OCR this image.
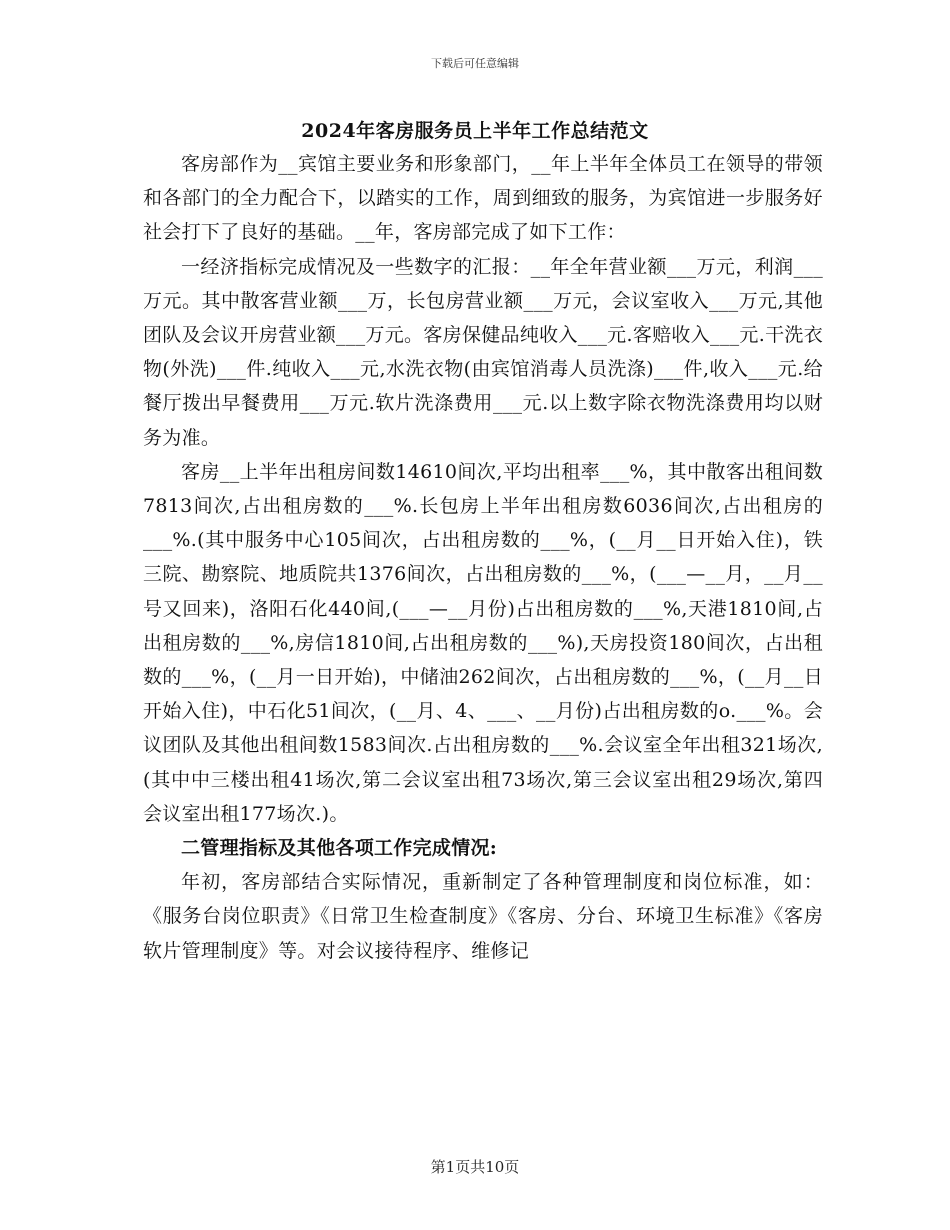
下载后可任意编辑
2024年客房服务员上半年工作总结范文

客房部作为__宾馆主要业务和形象部门，__年上半年全体员工在领导的带领和各部门的全力配合下，以踏实的工作，周到细致的服务，为宾馆进一步服务好社会打下了良好的基础。__年，客房部完成了如下工作：

一经济指标完成情况及一些数字的汇报：__年全年营业额___万元，利润___万元。其中散客营业额___万，长包房营业额___万元，会议室收入___万元,其他团队及会议开房营业额___万元。客房保健品纯收入___元.客赔收入___元.干洗衣物(外洗)___件.纯收入___元,水洗衣物(由宾馆消毒人员洗涤)___件,收入___元.给餐厅拨出早餐费用___万元.软片洗涤费用___元.以上数字除衣物洗涤费用均以财务为准。

客房__上半年出租房间数14610间次,平均出租率___%，其中散客出租间数7813间次,占出租房数的___%.长包房上半年出租房数6036间次,占出租房的___%.(其中服务中心105间次，占出租房数的___%，(__月__日开始入住)，铁三院、勘察院、地质院共1376间次，占出租房数的___%，(___—__月，__月__号又回来)，洛阳石化440间,(___—__月份)占出租房数的___%,天港1810间,占出租房数的___%,房信1810间,占出租房数的___%),天房投资180间次，占出租数的___%，(__月一日开始)，中储油262间次，占出租房数的___%，(__月__日开始入住)，中石化51间次，(__月、4、___、__月份)占出租房数的o.___%。会议团队及其他出租间数1583间次.占出租房数的___%.会议室全年出租321场次,(其中中三楼出租41场次,第二会议室出租73场次,第三会议室出租29场次,第四会议室出租177场次.)。

二管理指标及其他各项工作完成情况:

年初，客房部结合实际情况，重新制定了各种管理制度和岗位标准，如：《服务台岗位职责》《日常卫生检查制度》《客房、分台、环境卫生标准》《客房软片管理制度》等。对会议接待程序、维修记

第1页共10页
